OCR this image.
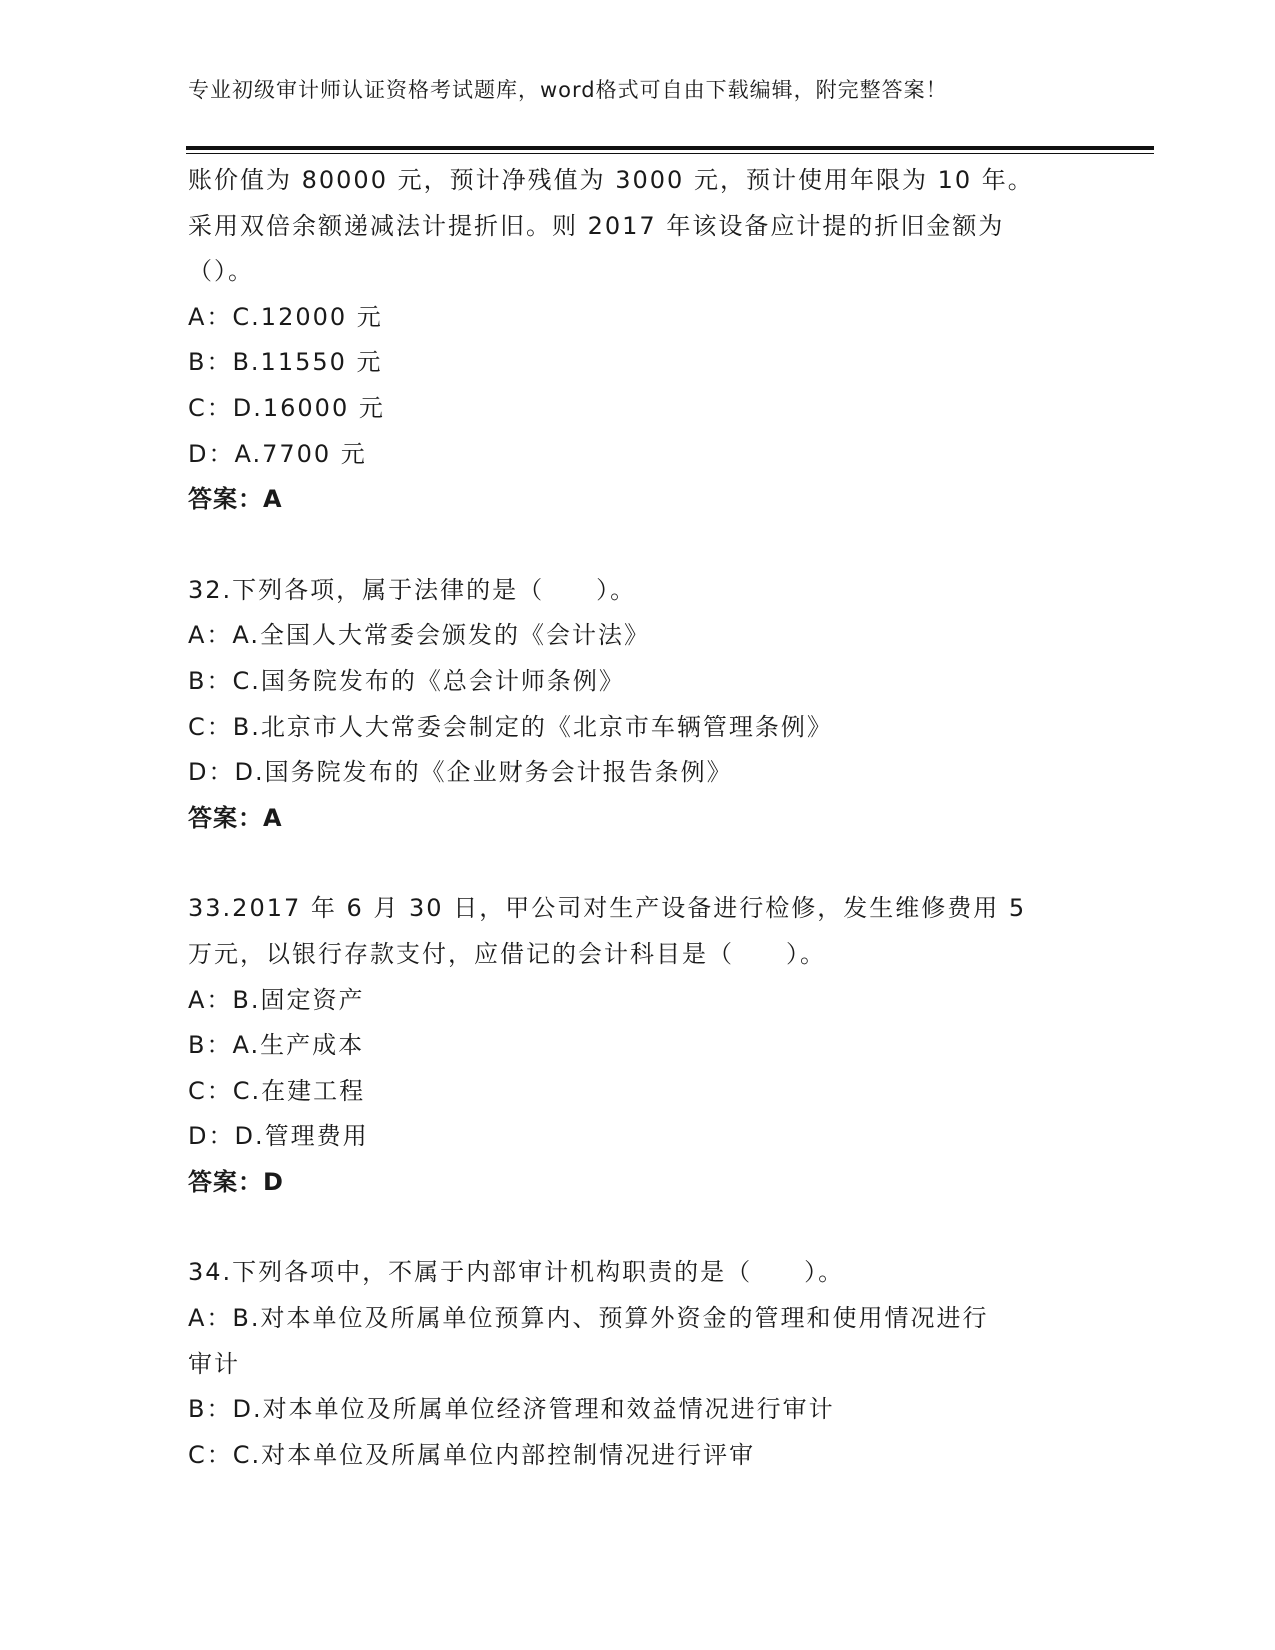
专业初级审计师认证资格考试题库，word格式可自由下载编辑，附完整答案！
账价值为 80000 元，预计净残值为 3000 元，预计使用年限为 10 年。
采用双倍余额递减法计提折旧。则 2017 年该设备应计提的折旧金额为
（）。
A：C.12000 元
B：B.11550 元
C：D.16000 元
D：A.7700 元
答案：A
32.下列各项，属于法律的是（　　）。
A：A.全国人大常委会颁发的《会计法》
B：C.国务院发布的《总会计师条例》
C：B.北京市人大常委会制定的《北京市车辆管理条例》
D：D.国务院发布的《企业财务会计报告条例》
答案：A
33.2017 年 6 月 30 日，甲公司对生产设备进行检修，发生维修费用 5
万元，以银行存款支付，应借记的会计科目是（　　）。
A：B.固定资产
B：A.生产成本
C：C.在建工程
D：D.管理费用
答案：D
34.下列各项中，不属于内部审计机构职责的是（　　）。
A：B.对本单位及所属单位预算内、预算外资金的管理和使用情况进行
审计
B：D.对本单位及所属单位经济管理和效益情况进行审计
C：C.对本单位及所属单位内部控制情况进行评审
